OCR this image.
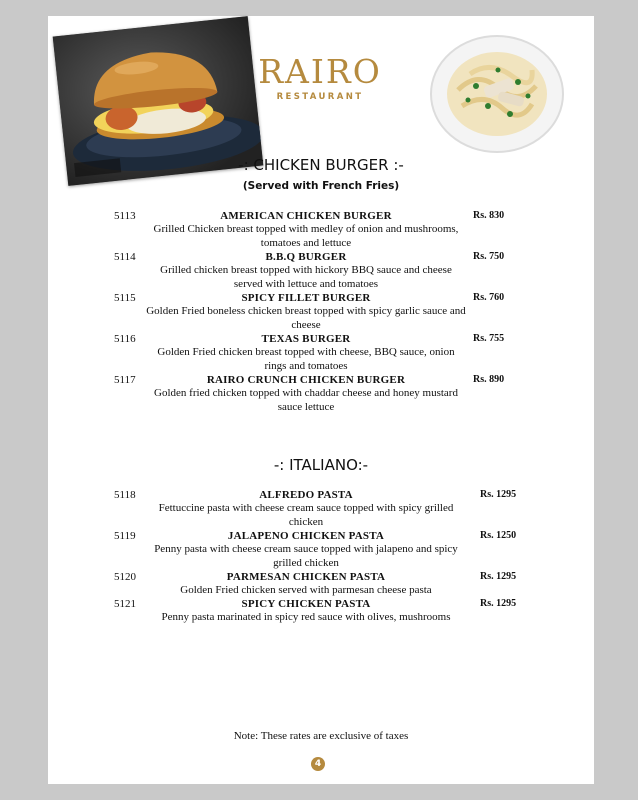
RAIRO
RESTAURANT
-: CHICKEN BURGER :-
(Served with French Fries)
5113	AMERICAN CHICKEN BURGER
Grilled Chicken breast topped with medley of onion and mushrooms, tomatoes and lettuce
Rs. 830
5114	B.B.Q BURGER
Grilled chicken breast topped with hickory BBQ sauce and cheese served with lettuce and tomatoes
Rs. 750
5115	SPICY FILLET BURGER
Golden Fried boneless chicken breast topped with spicy garlic sauce and cheese
Rs. 760
5116	TEXAS BURGER
Golden Fried chicken breast topped with cheese, BBQ sauce, onion rings and tomatoes
Rs. 755
5117	RAIRO CRUNCH CHICKEN BURGER
Golden fried chicken topped with chaddar cheese and honey mustard sauce lettuce
Rs. 890
-: ITALIANO:-
5118	ALFREDO PASTA
Fettuccine pasta with cheese cream sauce topped with spicy grilled chicken
Rs. 1295
5119	JALAPENO CHICKEN PASTA
Penny pasta with cheese cream sauce topped with jalapeno and spicy grilled chicken
Rs. 1250
5120	PARMESAN CHICKEN PASTA
Golden Fried chicken served with parmesan cheese pasta
Rs. 1295
5121	SPICY CHICKEN PASTA
Penny pasta marinated in spicy red sauce with olives, mushrooms
Rs. 1295
Note: These rates are exclusive of taxes
4
